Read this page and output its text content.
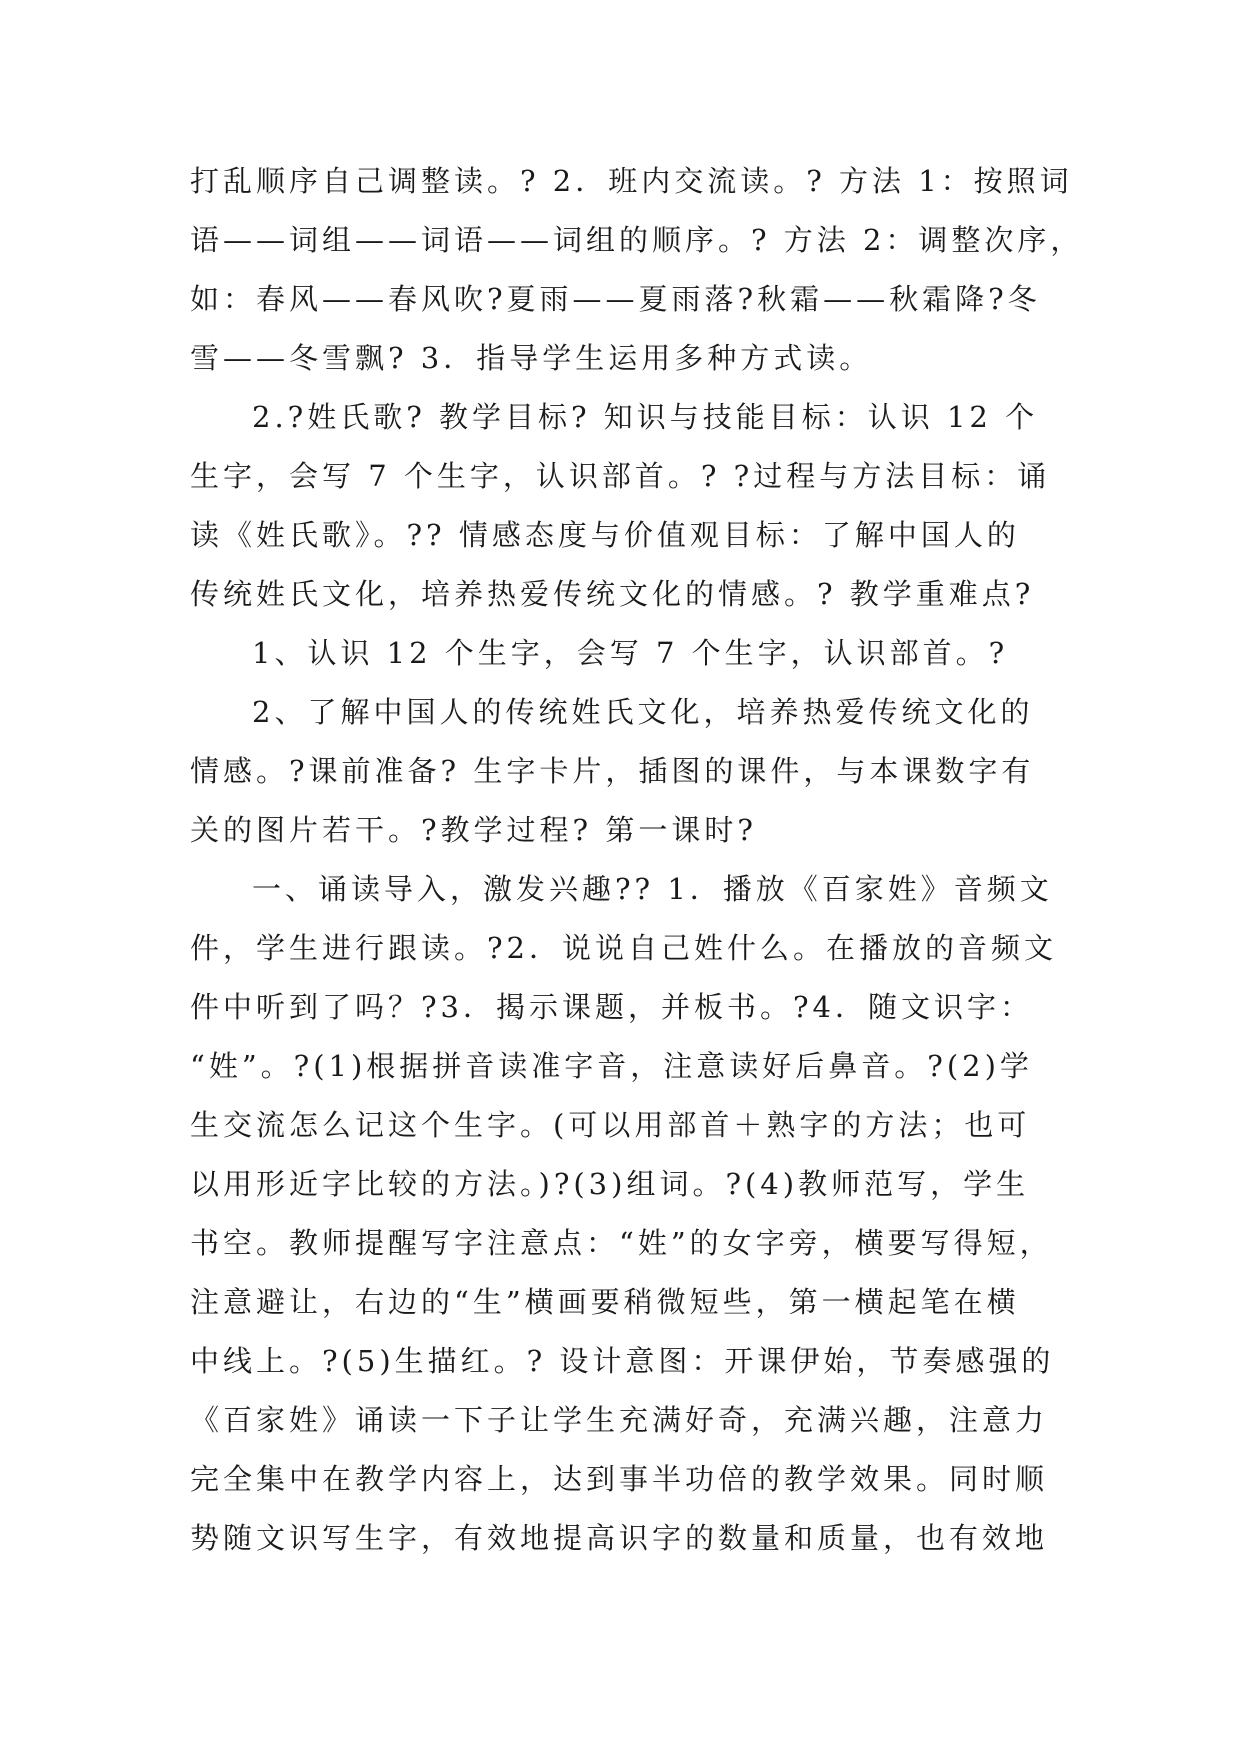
打乱顺序自己调整读。? 2．班内交流读。? 方法 1：按照词
语——词组——词语——词组的顺序。? 方法 2：调整次序，
如：春风——春风吹?夏雨——夏雨落?秋霜——秋霜降?冬
雪——冬雪飘? 3．指导学生运用多种方式读。
2.?姓氏歌? 教学目标? 知识与技能目标：认识 12 个
生字，会写 7 个生字，认识部首。? ?过程与方法目标：诵
读《姓氏歌》。?? 情感态度与价值观目标：了解中国人的
传统姓氏文化，培养热爱传统文化的情感。? 教学重难点?
1、认识 12 个生字，会写 7 个生字，认识部首。?
2、了解中国人的传统姓氏文化，培养热爱传统文化的
情感。?课前准备? 生字卡片，插图的课件，与本课数字有
关的图片若干。?教学过程? 第一课时?
一、诵读导入，激发兴趣?? 1．播放《百家姓》音频文
件，学生进行跟读。?2．说说自己姓什么。在播放的音频文
件中听到了吗？?3．揭示课题，并板书。?4．随文识字：
“姓”。?(1)根据拼音读准字音，注意读好后鼻音。?(2)学
生交流怎么记这个生字。(可以用部首＋熟字的方法；也可
以用形近字比较的方法。)?(3)组词。?(4)教师范写，学生
书空。教师提醒写字注意点：“姓”的女字旁，横要写得短，
注意避让，右边的“生”横画要稍微短些，第一横起笔在横
中线上。?(5)生描红。? 设计意图：开课伊始，节奏感强的
《百家姓》诵读一下子让学生充满好奇，充满兴趣，注意力
完全集中在教学内容上，达到事半功倍的教学效果。同时顺
势随文识写生字，有效地提高识字的数量和质量，也有效地
